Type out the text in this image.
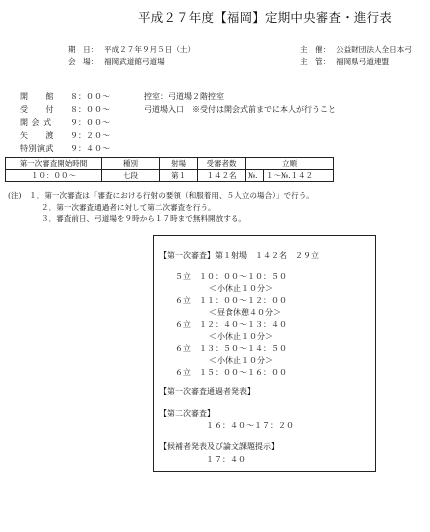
平成２７年度【福岡】定期中央審査・進行表
期　日： 平成２７年９月５日（土）
会　場： 福岡武道館弓道場
主　催： 公益財団法人全日本弓
主　管： 福岡県弓道連盟
開　　館 ８：００～	控室：弓道場２階控室
受　　付 ８：００～	弓道場入口　※受付は開会式前までに本人が行うこと
開 会 式 ９：００～
矢　　渡 ９：２０～
特別演武 ９：４０～
第一次審査開始時間	種別	射場	受審者数	立順	
１０：００～	七段	第１	１４２名	№.	１～№.１４２
(注)　１．第一次審査は「審査における行射の要領（和服着用、５人立の場合）」で行う。
２．第一次審査通過者に対して第二次審査を行う。
３．審査前日、弓道場を９時から１７時まで無料開放する。
【第一次審査】第１射場　１４２名　２９立
５立　 １０：００～１０：５０
＜小休止１０分＞
６立　 １１：００～１２：００
＜昼食休憩４０分＞
６立　 １２：４０～１３：４０
＜小休止１０分＞
６立　 １３：５０～１４：５０
＜小休止１０分＞
６立　 １５：００～１６：００
【第一次審査通過者発表】
【第二次審査】
１６：４０～１７：２０
【候補者発表及び論文課題提示】
１７：４０
